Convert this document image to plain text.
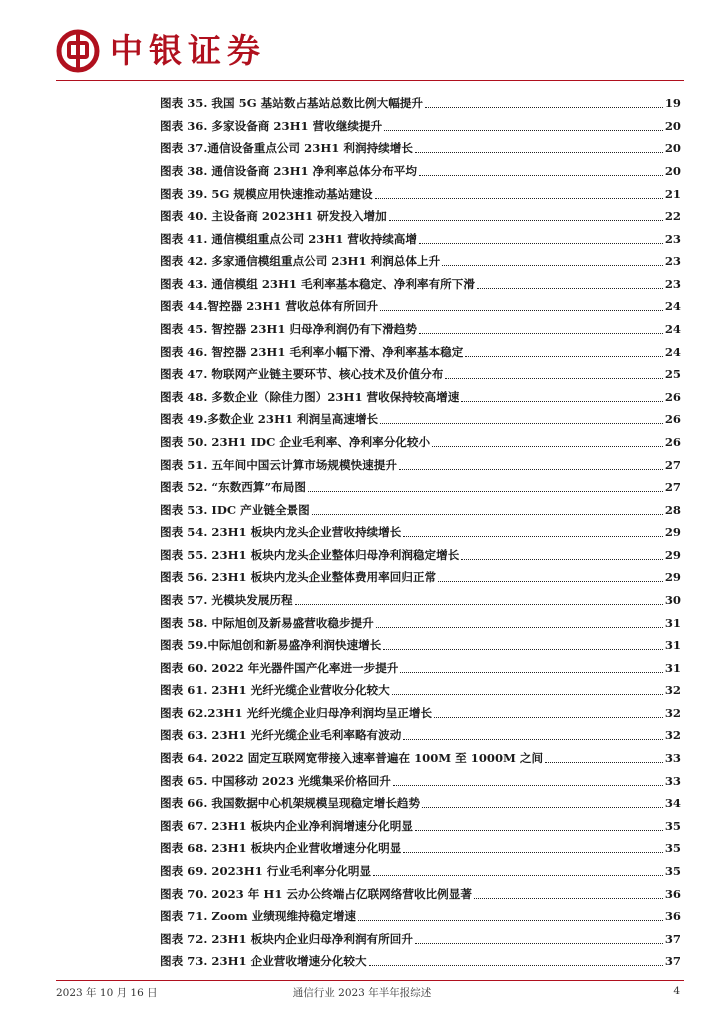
中银证券
图表 35. 我国 5G 基站数占基站总数比例大幅提升	19
图表 36. 多家设备商 23H1 营收继续提升	20
图表 37.通信设备重点公司 23H1 利润持续增长	20
图表 38. 通信设备商 23H1 净利率总体分布平均	20
图表 39. 5G 规模应用快速推动基站建设	21
图表 40. 主设备商 2023H1 研发投入增加	22
图表 41. 通信模组重点公司 23H1 营收持续高增	23
图表 42. 多家通信模组重点公司 23H1 利润总体上升	23
图表 43. 通信模组 23H1 毛利率基本稳定、净利率有所下滑	23
图表 44.智控器 23H1 营收总体有所回升	24
图表 45. 智控器 23H1 归母净利润仍有下滑趋势	24
图表 46. 智控器 23H1 毛利率小幅下滑、净利率基本稳定	24
图表 47. 物联网产业链主要环节、核心技术及价值分布	25
图表 48. 多数企业（除佳力图）23H1 营收保持较高增速	26
图表 49.多数企业 23H1 利润呈高速增长	26
图表 50. 23H1 IDC 企业毛利率、净利率分化较小	26
图表 51. 五年间中国云计算市场规模快速提升	27
图表 52. “东数西算”布局图	27
图表 53. IDC 产业链全景图	28
图表 54. 23H1 板块内龙头企业营收持续增长	29
图表 55. 23H1 板块内龙头企业整体归母净利润稳定增长	29
图表 56. 23H1 板块内龙头企业整体费用率回归正常	29
图表 57. 光模块发展历程	30
图表 58. 中际旭创及新易盛营收稳步提升	31
图表 59.中际旭创和新易盛净利润快速增长	31
图表 60. 2022 年光器件国产化率进一步提升	31
图表 61. 23H1 光纤光缆企业营收分化较大	32
图表 62.23H1 光纤光缆企业归母净利润均呈正增长	32
图表 63. 23H1 光纤光缆企业毛利率略有波动	32
图表 64. 2022 固定互联网宽带接入速率普遍在 100M 至 1000M 之间	33
图表 65. 中国移动 2023 光缆集采价格回升	33
图表 66. 我国数据中心机架规模呈现稳定增长趋势	34
图表 67. 23H1 板块内企业净利润增速分化明显	35
图表 68. 23H1 板块内企业营收增速分化明显	35
图表 69. 2023H1 行业毛利率分化明显	35
图表 70. 2023 年 H1 云办公终端占亿联网络营收比例显著	36
图表 71. Zoom 业绩现维持稳定增速	36
图表 72. 23H1 板块内企业归母净利润有所回升	37
图表 73. 23H1 企业营收增速分化较大	37
2023 年 10 月 16 日	通信行业 2023 年半年报综述	4
